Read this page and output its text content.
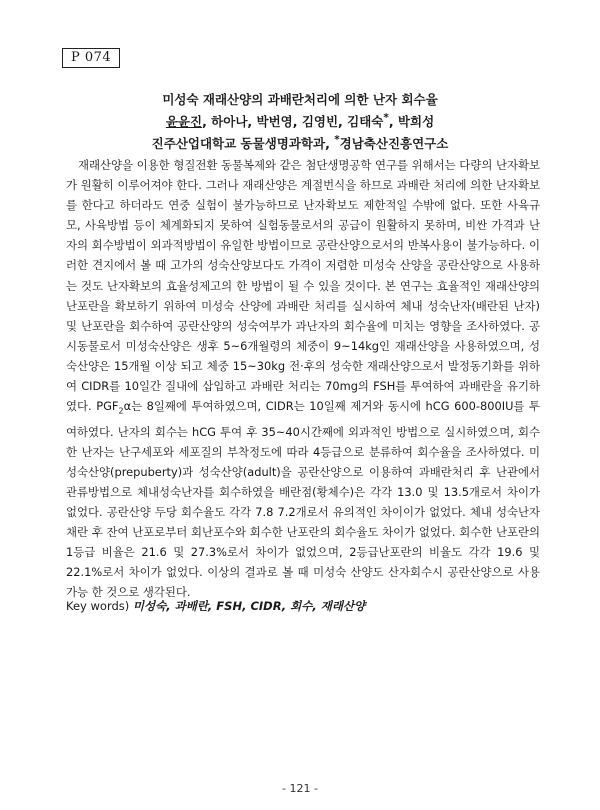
P 074
미성숙 재래산양의 과배란처리에 의한 난자 회수율
윤윤진, 하아나, 박번영, 김영빈, 김태숙*, 박희성
진주산업대학교 동물생명과학과, *경남축산진흥연구소

재래산양을 이용한 형질전환 동물복제와 같은 첨단생명공학 연구를 위해서는 다량의 난자확보가 원활히 이루어져야 한다. 그러나 재래산양은 계절번식을 하므로 과배란 처리에 의한 난자확보를 한다고 하더라도 연중 실험이 불가능하므로 난자확보도 제한적일 수밖에 없다. 또한 사육규모, 사육방법 등이 체계화되지 못하여 실험동물로서의 공급이 원활하지 못하며, 비싼 가격과 난자의 회수방법이 외과적방법이 유일한 방법이므로 공란산양으로서의 반복사용이 불가능하다. 이러한 견지에서 볼 때 고가의 성숙산양보다도 가격이 저렴한 미성숙 산양을 공란산양으로 사용하는 것도 난자확보의 효율성제고의 한 방법이 될 수 있을 것이다. 본 연구는 효율적인 재래산양의 난포란을 확보하기 위하여 미성숙 산양에 과배란 처리를 실시하여 체내 성숙난자(배란된 난자) 및 난포란을 회수하여 공란산양의 성숙여부가 과난자의 회수율에 미치는 영향을 조사하였다. 공시동물로서 미성숙산양은 생후 5~6개월령의 체중이 9~14kg인 재래산양을 사용하였으며, 성숙산양은 15개월 이상 되고 체중 15~30kg 전·후의 성숙한 재래산양으로서 발정동기화를 위하여 CIDR를 10일간 질내에 삽입하고 과배란 처리는 70mg의 FSH를 투여하여 과배란을 유기하였다. $PGF_2\alpha$는 8일째에 투여하였으며, CIDR는 10일째 제거와 동시에 hCG 600-800IU를 투여하였다. 난자의 회수는 hCG 투여 후 35~40시간째에 외과적인 방법으로 실시하였으며, 회수한 난자는 난구세포와 세포질의 부착정도에 따라 4등급으로 분류하여 회수율을 조사하였다. 미성숙산양(prepuberty)과 성숙산양(adult)을 공란산양으로 이용하여 과배란처리 후 난관에서 관류방법으로 체내성숙난자를 회수하였을 배란점(황체수)은 각각 13.0 및 13.5개로서 차이가 없었다. 공란산양 두당 회수율도 각각 7.8 7.2개로서 유의적인 차이이가 없었다. 체내 성숙난자 채란 후 잔여 난포로부터 회난포수와 회수한 난포란의 회수율도 차이가 없었다. 회수한 난포란의 1등급 비율은 21.6 및 27.3%로서 차이가 없었으며, 2등급난포란의 비율도 각각 19.6 및 22.1%로서 차이가 없었다. 이상의 결과로 볼 때 미성숙 산양도 산자회수시 공란산양으로 사용가능 한 것으로 생각된다.

Key words) 미성숙, 과배란, FSH, CIDR, 회수, 재래산양
- 121 -
